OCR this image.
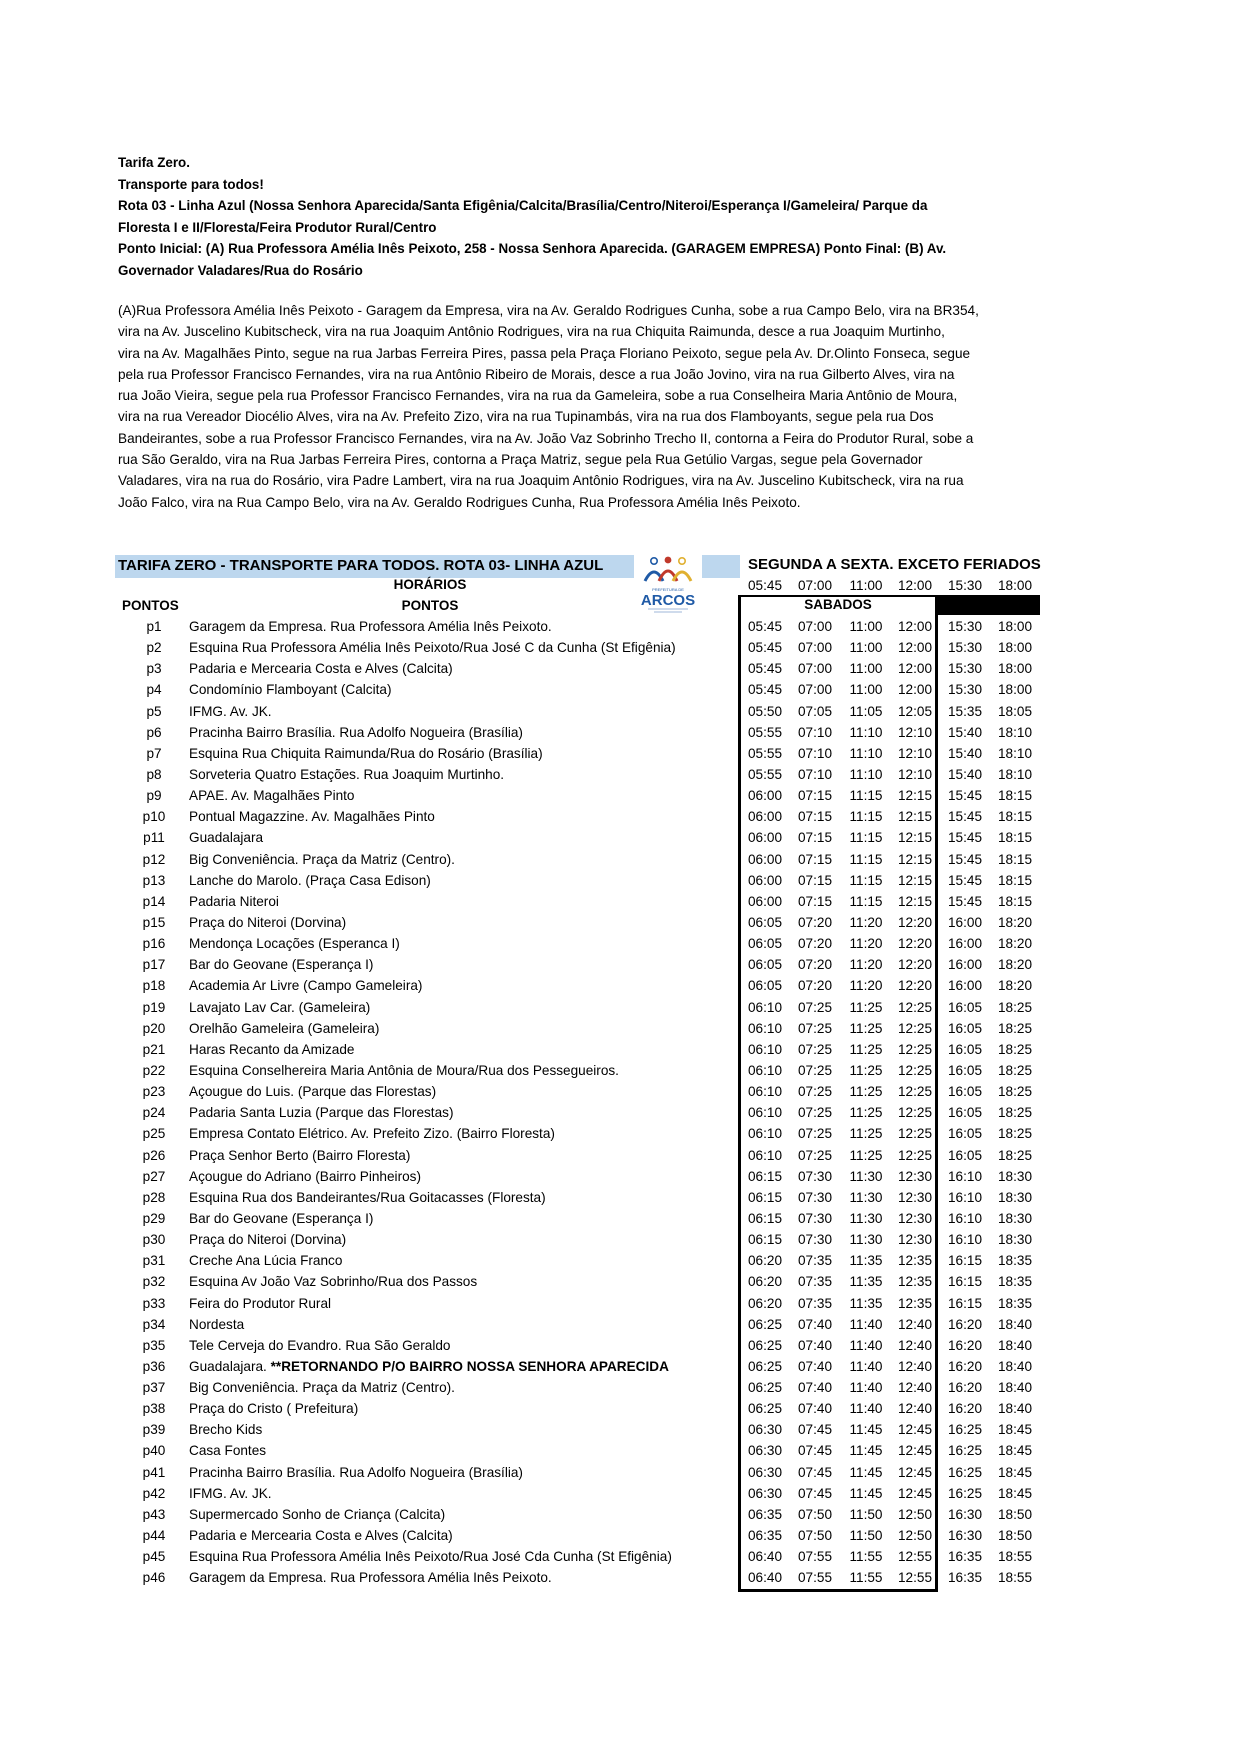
Tarifa Zero.
Transporte para todos!
Rota 03 - Linha Azul (Nossa Senhora Aparecida/Santa Efigênia/Calcita/Brasília/Centro/Niteroi/Esperança I/Gameleira/ Parque da
Floresta I e II/Floresta/Feira Produtor Rural/Centro
Ponto Inicial: (A) Rua Professora Amélia Inês Peixoto, 258 - Nossa Senhora Aparecida. (GARAGEM EMPRESA) Ponto Final: (B) Av.
Governador Valadares/Rua do Rosário
(A)Rua Professora Amélia Inês Peixoto - Garagem da Empresa, vira na Av. Geraldo Rodrigues Cunha, sobe a rua Campo Belo, vira na BR354,
vira na Av. Juscelino Kubitscheck, vira na rua Joaquim Antônio Rodrigues, vira na rua Chiquita Raimunda, desce a rua Joaquim Murtinho,
vira na Av. Magalhães Pinto, segue na rua Jarbas Ferreira Pires, passa pela Praça Floriano Peixoto, segue pela Av. Dr.Olinto Fonseca, segue
pela rua Professor Francisco Fernandes, vira na rua Antônio Ribeiro de Morais, desce a rua João Jovino, vira na rua Gilberto Alves, vira na
rua João Vieira, segue pela rua Professor Francisco Fernandes, vira na rua da Gameleira, sobe a rua Conselheira Maria Antônio de Moura,
vira na rua Vereador Diocélio Alves, vira na Av. Prefeito Zizo, vira na rua Tupinambás, vira na rua dos Flamboyants, segue pela rua Dos
Bandeirantes, sobe a rua Professor Francisco Fernandes, vira na Av. João Vaz Sobrinho Trecho II, contorna a Feira do Produtor Rural, sobe a
rua São Geraldo, vira na Rua Jarbas Ferreira Pires, contorna a Praça Matriz, segue pela Rua Getúlio Vargas, segue pela Governador
Valadares, vira na rua do Rosário, vira Padre Lambert, vira na rua Joaquim Antônio Rodrigues, vira na Av. Juscelino Kubitscheck, vira na rua
João Falco, vira na Rua Campo Belo, vira na Av. Geraldo Rodrigues Cunha, Rua Professora Amélia Inês Peixoto.
TARIFA ZERO - TRANSPORTE PARA TODOS. ROTA 03- LINHA AZUL
PREFEITURA DE
ARCOS
SEGUNDA A SEXTA. EXCETO FERIADOS
05:45	07:00	11:00	12:00	15:30	18:00
HORÁRIOS
PONTOS	PONTOS	SABADOS
p1	Garagem da Empresa. Rua Professora Amélia Inês Peixoto.	05:45	07:00	11:00	12:00	15:30	18:00
p2	Esquina Rua Professora Amélia Inês Peixoto/Rua José C da Cunha (St Efigênia)	05:45	07:00	11:00	12:00	15:30	18:00
p3	Padaria e Mercearia Costa e Alves (Calcita)	05:45	07:00	11:00	12:00	15:30	18:00
p4	Condomínio Flamboyant (Calcita)	05:45	07:00	11:00	12:00	15:30	18:00
p5	IFMG. Av. JK.	05:50	07:05	11:05	12:05	15:35	18:05
p6	Pracinha Bairro Brasília. Rua Adolfo Nogueira (Brasília)	05:55	07:10	11:10	12:10	15:40	18:10
p7	Esquina Rua Chiquita Raimunda/Rua do Rosário (Brasília)	05:55	07:10	11:10	12:10	15:40	18:10
p8	Sorveteria Quatro Estações. Rua Joaquim Murtinho.	05:55	07:10	11:10	12:10	15:40	18:10
p9	APAE. Av. Magalhães Pinto	06:00	07:15	11:15	12:15	15:45	18:15
p10 Pontual Magazzine. Av. Magalhães Pinto	06:00	07:15	11:15	12:15	15:45	18:15
p11	Guadalajara	06:00	07:15	11:15	12:15	15:45	18:15
p12 Big Conveniência. Praça da Matriz (Centro).	06:00	07:15	11:15	12:15	15:45	18:15
p13 Lanche do Marolo. (Praça Casa Edison)	06:00	07:15	11:15	12:15	15:45	18:15
p14 Padaria Niteroi	06:00	07:15	11:15	12:15	15:45	18:15
p15 Praça do Niteroi (Dorvina)	06:05	07:20	11:20	12:20	16:00	18:20
p16 Mendonça Locações (Esperanca I)	06:05	07:20	11:20	12:20	16:00	18:20
p17 Bar do Geovane (Esperança I)	06:05	07:20	11:20	12:20	16:00	18:20
p18 Academia Ar Livre (Campo Gameleira)	06:05	07:20	11:20	12:20	16:00	18:20
p19 Lavajato Lav Car. (Gameleira)	06:10	07:25	11:25	12:25	16:05	18:25
p20 Orelhão Gameleira (Gameleira)	06:10	07:25	11:25	12:25	16:05	18:25
p21 Haras Recanto da Amizade	06:10	07:25	11:25	12:25	16:05	18:25
p22 Esquina Conselhereira Maria Antônia de Moura/Rua dos Pessegueiros.	06:10	07:25	11:25	12:25	16:05	18:25
p23 Açougue do Luis. (Parque das Florestas)	06:10	07:25	11:25	12:25	16:05	18:25
p24 Padaria Santa Luzia (Parque das Florestas)	06:10	07:25	11:25	12:25	16:05	18:25
p25 Empresa Contato Elétrico. Av. Prefeito Zizo. (Bairro Floresta)	06:10	07:25	11:25	12:25	16:05	18:25
p26 Praça Senhor Berto (Bairro Floresta)	06:10	07:25	11:25	12:25	16:05	18:25
p27 Açougue do Adriano (Bairro Pinheiros)	06:15	07:30	11:30	12:30	16:10	18:30
p28 Esquina Rua dos Bandeirantes/Rua Goitacasses (Floresta)	06:15	07:30	11:30	12:30	16:10	18:30
p29 Bar do Geovane (Esperança I)	06:15	07:30	11:30	12:30	16:10	18:30
p30 Praça do Niteroi (Dorvina)	06:15	07:30	11:30	12:30	16:10	18:30
p31 Creche Ana Lúcia Franco	06:20	07:35	11:35	12:35	16:15	18:35
p32 Esquina Av João Vaz Sobrinho/Rua dos Passos	06:20	07:35	11:35	12:35	16:15	18:35
p33 Feira do Produtor Rural	06:20	07:35	11:35	12:35	16:15	18:35
p34 Nordesta	06:25	07:40	11:40	12:40	16:20	18:40
p35 Tele Cerveja do Evandro. Rua São Geraldo	06:25	07:40	11:40	12:40	16:20	18:40
p36 Guadalajara. **RETORNANDO P/O BAIRRO NOSSA SENHORA APARECIDA	06:25	07:40	11:40	12:40	16:20	18:40
p37 Big Conveniência. Praça da Matriz (Centro).	06:25	07:40	11:40	12:40	16:20	18:40
p38 Praça do Cristo ( Prefeitura)	06:25	07:40	11:40	12:40	16:20	18:40
p39 Brecho Kids	06:30	07:45	11:45	12:45	16:25	18:45
p40 Casa Fontes	06:30	07:45	11:45	12:45	16:25	18:45
p41 Pracinha Bairro Brasília. Rua Adolfo Nogueira (Brasília)	06:30	07:45	11:45	12:45	16:25	18:45
p42 IFMG. Av. JK.	06:30	07:45	11:45	12:45	16:25	18:45
p43 Supermercado Sonho de Criança (Calcita)	06:35	07:50	11:50	12:50	16:30	18:50
p44 Padaria e Mercearia Costa e Alves (Calcita)	06:35	07:50	11:50	12:50	16:30	18:50
p45 Esquina Rua Professora Amélia Inês Peixoto/Rua José Cda Cunha (St Efigênia)	06:40	07:55	11:55	12:55	16:35	18:55
p46 Garagem da Empresa. Rua Professora Amélia Inês Peixoto.	06:40	07:55	11:55	12:55	16:35	18:55
